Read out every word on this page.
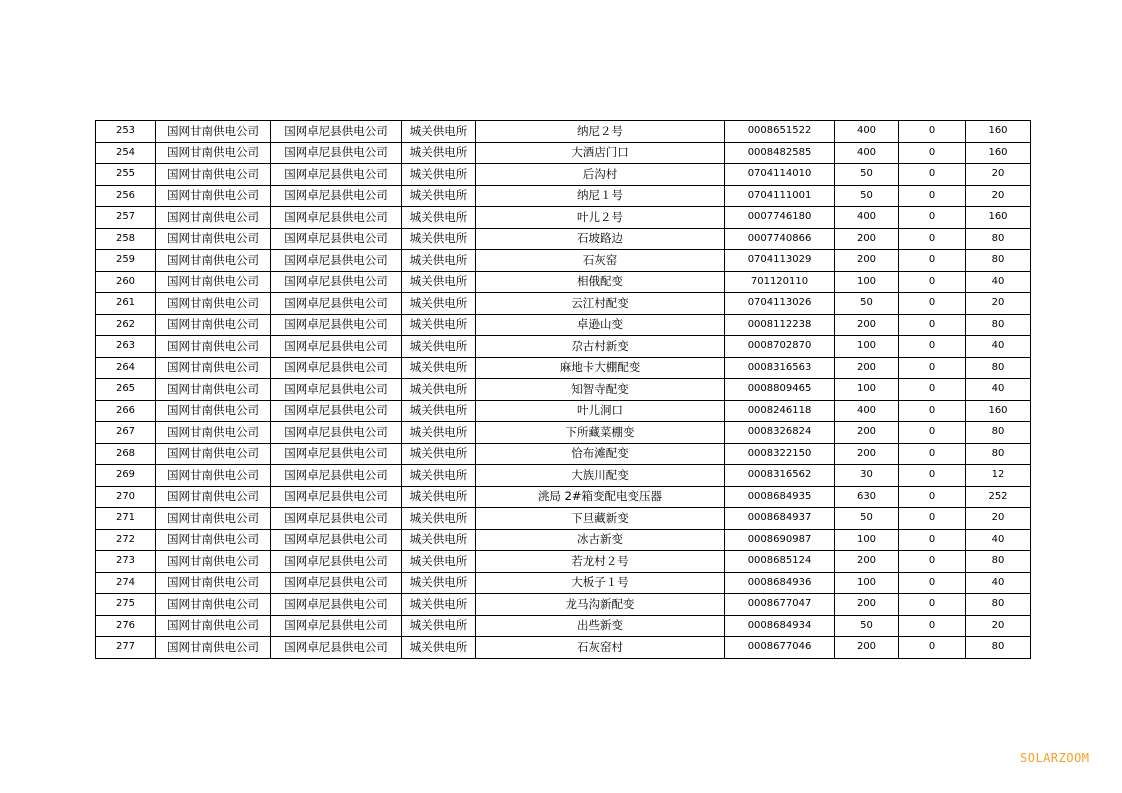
253	国网甘南供电公司	国网卓尼县供电公司	城关供电所	纳尼２号	0008651522	400	0	160
254	国网甘南供电公司	国网卓尼县供电公司	城关供电所	大酒店门口	0008482585	400	0	160
255	国网甘南供电公司	国网卓尼县供电公司	城关供电所	后沟村	0704114010	50	0	20
256	国网甘南供电公司	国网卓尼县供电公司	城关供电所	纳尼１号	0704111001	50	0	20
257	国网甘南供电公司	国网卓尼县供电公司	城关供电所	叶儿２号	0007746180	400	0	160
258	国网甘南供电公司	国网卓尼县供电公司	城关供电所	石坡路边	0007740866	200	0	80
259	国网甘南供电公司	国网卓尼县供电公司	城关供电所	石灰窑	0704113029	200	0	80
260	国网甘南供电公司	国网卓尼县供电公司	城关供电所	相俄配变	701120110	100	0	40
261	国网甘南供电公司	国网卓尼县供电公司	城关供电所	云江村配变	0704113026	50	0	20
262	国网甘南供电公司	国网卓尼县供电公司	城关供电所	卓逊山变	0008112238	200	0	80
263	国网甘南供电公司	国网卓尼县供电公司	城关供电所	尕古村新变	0008702870	100	0	40
264	国网甘南供电公司	国网卓尼县供电公司	城关供电所	麻地卡大棚配变	0008316563	200	0	80
265	国网甘南供电公司	国网卓尼县供电公司	城关供电所	知智寺配变	0008809465	100	0	40
266	国网甘南供电公司	国网卓尼县供电公司	城关供电所	叶儿洞口	0008246118	400	0	160
267	国网甘南供电公司	国网卓尼县供电公司	城关供电所	下所藏菜棚变	0008326824	200	0	80
268	国网甘南供电公司	国网卓尼县供电公司	城关供电所	恰布滩配变	0008322150	200	0	80
269	国网甘南供电公司	国网卓尼县供电公司	城关供电所	大族川配变	0008316562	30	0	12
270	国网甘南供电公司	国网卓尼县供电公司	城关供电所	洮局 2#箱变配电变压器	0008684935	630	0	252
271	国网甘南供电公司	国网卓尼县供电公司	城关供电所	下旦藏新变	0008684937	50	0	20
272	国网甘南供电公司	国网卓尼县供电公司	城关供电所	冰古新变	0008690987	100	0	40
273	国网甘南供电公司	国网卓尼县供电公司	城关供电所	若龙村２号	0008685124	200	0	80
274	国网甘南供电公司	国网卓尼县供电公司	城关供电所	大板子１号	0008684936	100	0	40
275	国网甘南供电公司	国网卓尼县供电公司	城关供电所	龙马沟新配变	0008677047	200	0	80
276	国网甘南供电公司	国网卓尼县供电公司	城关供电所	出些新变	0008684934	50	0	20
277	国网甘南供电公司	国网卓尼县供电公司	城关供电所	石灰窑村	0008677046	200	0	80
SOLARZOOM
